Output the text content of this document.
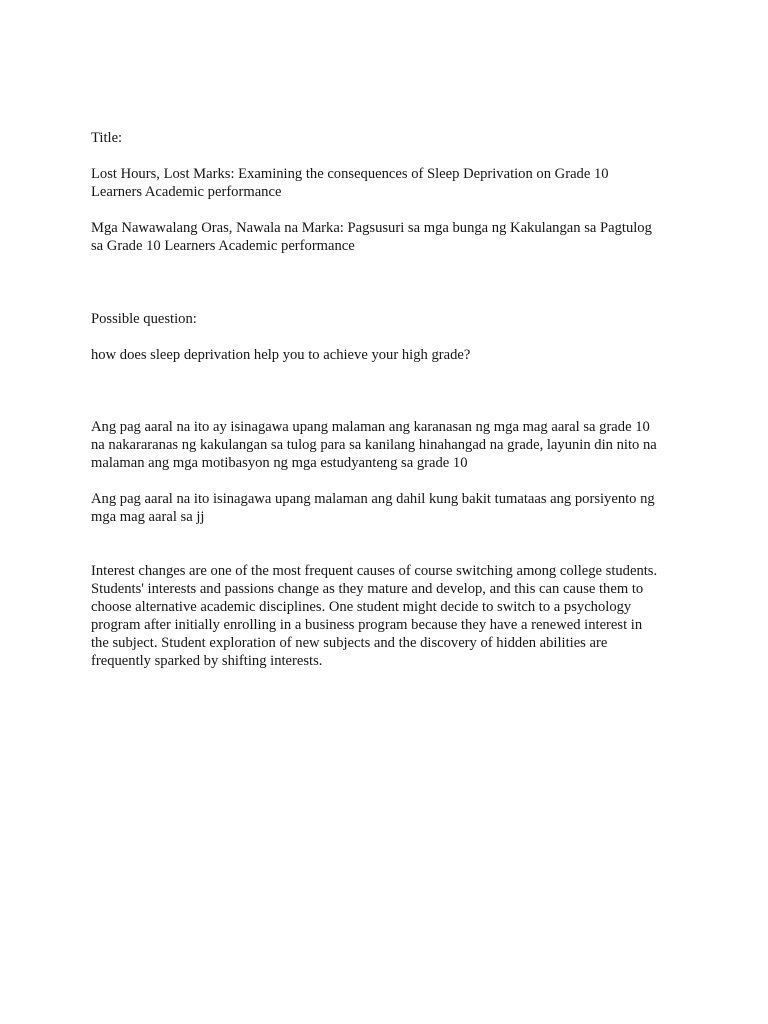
Title:

Lost Hours, Lost Marks: Examining the consequences of Sleep Deprivation on Grade 10
Learners Academic performance

Mga Nawawalang Oras, Nawala na Marka: Pagsusuri sa mga bunga ng Kakulangan sa Pagtulog
sa Grade 10 Learners Academic performance

Possible question:

how does sleep deprivation help you to achieve your high grade?

Ang pag aaral na ito ay isinagawa upang malaman ang karanasan ng mga mag aaral sa grade 10
na nakararanas ng kakulangan sa tulog para sa kanilang hinahangad na grade, layunin din nito na
malaman ang mga motibasyon ng mga estudyanteng sa grade 10

Ang pag aaral na ito isinagawa upang malaman ang dahil kung bakit tumataas ang porsiyento ng
mga mag aaral sa jj

Interest changes are one of the most frequent causes of course switching among college students.
Students' interests and passions change as they mature and develop, and this can cause them to
choose alternative academic disciplines. One student might decide to switch to a psychology
program after initially enrolling in a business program because they have a renewed interest in
the subject. Student exploration of new subjects and the discovery of hidden abilities are
frequently sparked by shifting interests.
